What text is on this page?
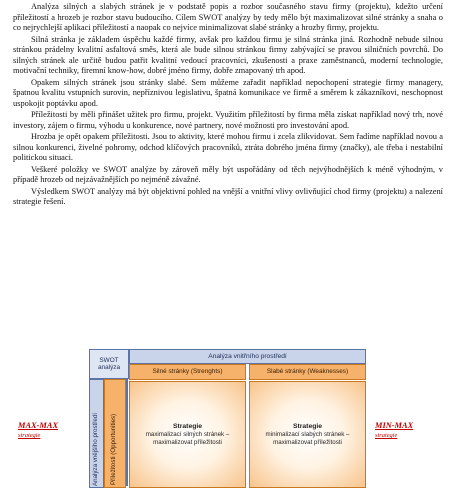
Analýza silných a slabých stránek je v podstatě popis a rozbor současného stavu firmy (projektu), kdežto určení příležitostí a hrozeb je rozbor stavu budoucího. Cílem SWOT analýzy by tedy mělo být maximalizovat silné stránky a snaha o co nejrychlejší aplikaci příležitostí a naopak co nejvíce minimalizovat slabé stránky a hrozby firmy, projektu.

Silná stránka je základem úspěchu každé firmy, avšak pro každou firmu je silná stránka jiná. Rozhodně nebude silnou stránkou prádelny kvalitní asfaltová směs, která ale bude silnou stránkou firmy zabývající se pravou silničních povrchů. Do silných stránek ale určitě budou patřit kvalitní vedoucí pracovníci, zkušenosti a praxe zaměstnanců, moderní technologie, motivační techniky, firemní know-how, dobré jméno firmy, dobře zmapovaný trh apod.

Opakem silných stránek jsou stránky slabé. Sem můžeme zařadit například nepochopení strategie firmy managery, špatnou kvalitu vstupních surovin, nepříznivou legislativu, špatná komunikace ve firmě a směrem k zákazníkovi, neschopnost uspokojit poptávku apod.

Příležitosti by měli přinášet užitek pro firmu, projekt. Využitím příležitostí by firma měla získat například nový trh, nové investory, zájem o firmu, výhodu u konkurence, nové partnery, nové možnosti pro investování apod.

Hrozba je opět opakem příležitosti. Jsou to aktivity, které mohou firmu i zcela zlikvidovat. Sem řadíme například novou a silnou konkurenci, živelné pohromy, odchod klíčových pracovníků, ztráta dobrého jména firmy (značky), ale třeba i nestabilní politickou situaci.

Veškeré položky ve SWOT analýze by zároveň měly být uspořádány od těch nejvýhodnějších k méně výhodným, v případě hrozeb od nejzávažnějších po nejméně závažné.

Výsledkem SWOT analýzy má být objektivní pohled na vnější a vnitřní vlivy ovlivňující chod firmy (projektu) a nalezení strategie řešení.

MAX-MAX
strategie
MIN-MAX
strategie
SWOT analýza
Analýza vnitřního prostředí
Silné stránky (Strenghts)	Slabé stránky (Weaknesses)
Analýza vnějšího prostředí Příležitosti (Opportunities)	Strategie
maximalizací silných stránek – maximalizovat příležitosti
Strategie
minimalizací slabých stránek – maximalizovat příležitosti
